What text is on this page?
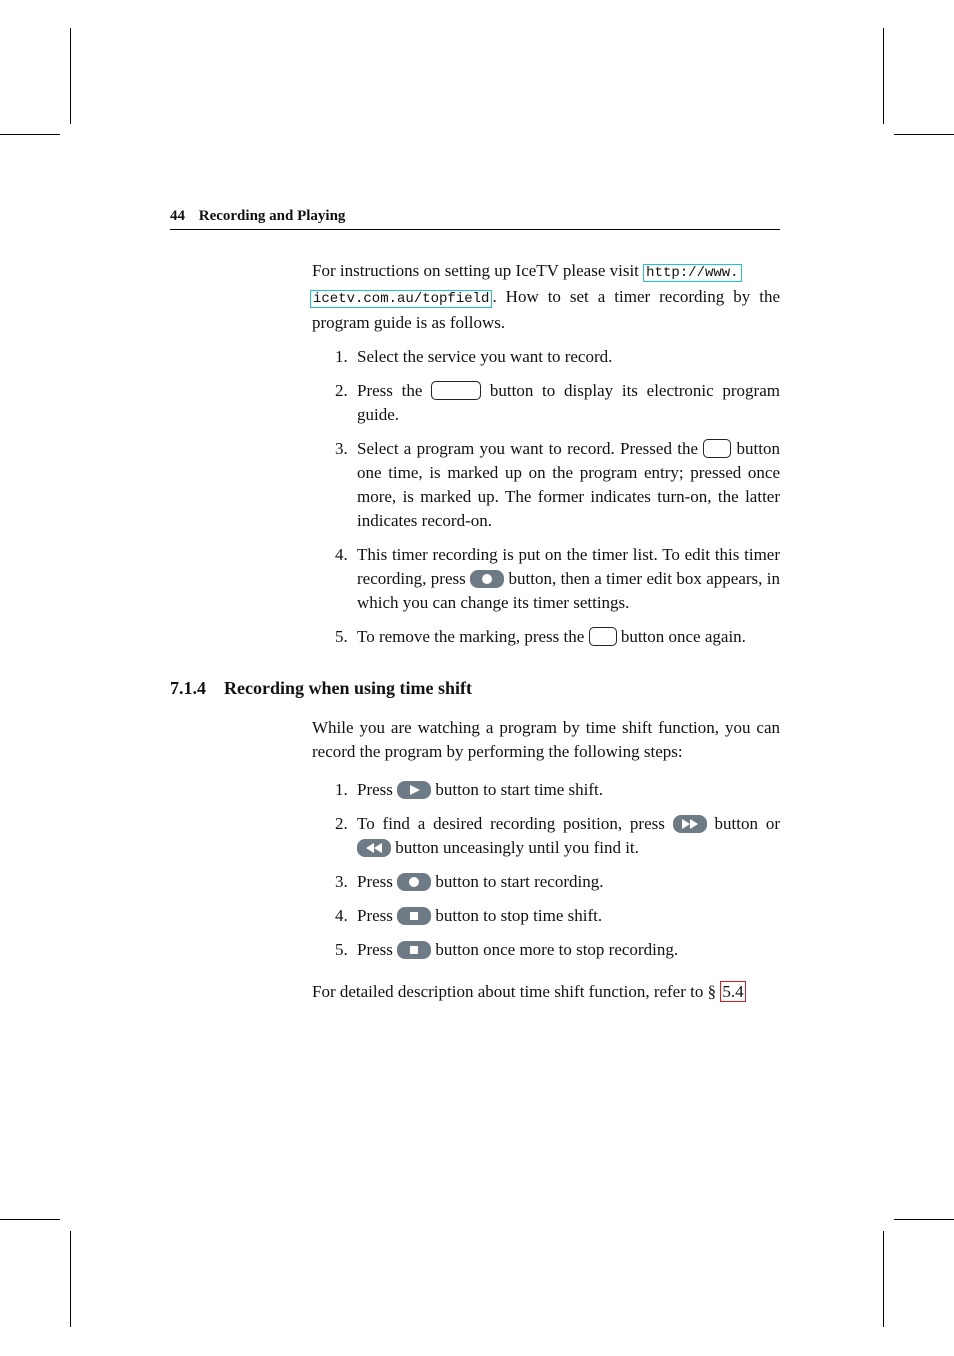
44 Recording and Playing

For instructions on setting up IceTV please visit http://www.
icetv.com.au/topfield . How to set a timer recording by the program guide is as follows.

1. Select the service you want to record.
2. Press the	button to display its electronic program guide.
3. Select a program you want to record. Pressed the  button one time, is marked up on the program entry; pressed once more, is marked up. The former indicates turn-on, the latter indicates record-on.
4. This timer recording is put on the timer list. To edit this timer recording, press
button, then a timer edit box appears, in which you can change its timer settings.
5. To remove the marking, press the  button once again.
7.1.4 Recording when using time shift

While you are watching a program by time shift function, you can record the program by performing the following steps:

1. Press
button to start time shift.
2. To find a desired recording position, press
button or
button unceasingly until you find it.
3. Press
button to start recording.
4. Press
button to stop time shift.
5. Press
button once more to stop recording.

For detailed description about time shift function, refer to § 5.4
